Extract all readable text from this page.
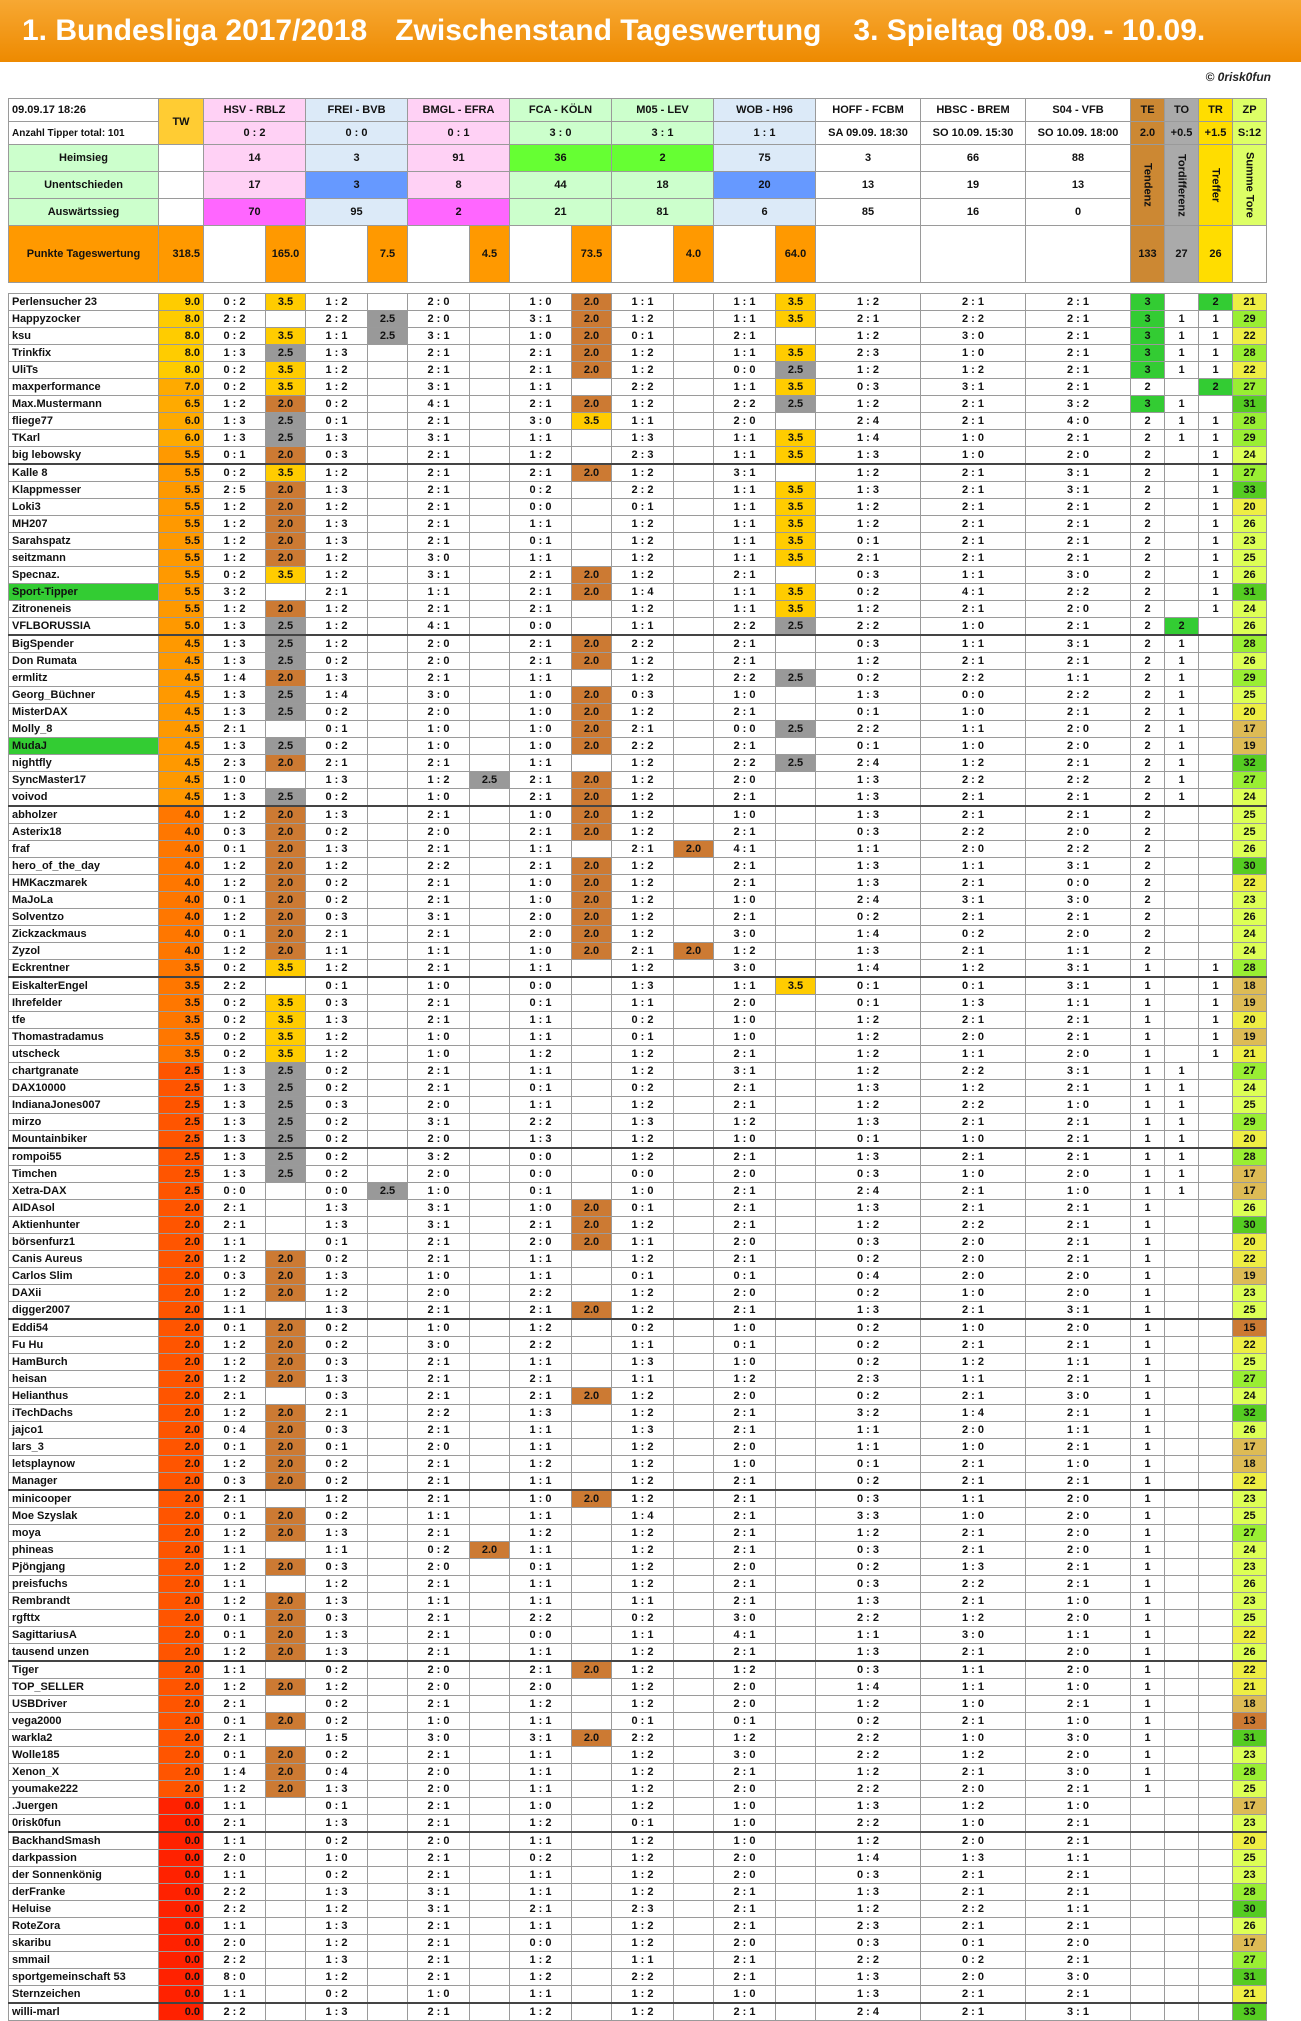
1. Bundesliga 2017/2018 Zwischenstand Tageswertung 3. Spieltag 08.09. - 10.09.
© 0risk0fun
09.09.17 18:26	TW	HSV - RBLZ		FREI - BVB		BMGL - EFRA		FCA - KÖLN		M05 - LEV		WOB - H96		HOFF - FCBM	HBSC - BREM	S04 - VFB	TE	TO	TR	ZP
Anzahl Tipper total: 101		0 : 2		0 : 0		0 : 1		3 : 0		3 : 1		1 : 1		SA 09.09. 18:30	SO 10.09. 15:30	SO 10.09. 18:00	2.0	+0.5	+1.5	S:12
Heimsieg		14		3		91		36		2		75		3	66	88	Tendenz	Tordifferenz	Treffer	Summe Tore
Unentschieden		17		3		8		44		18		20		13	19	13				
Auswärtssieg		70		95		2		21		81		6		85	16	0				
Punkte Tageswertung	318.5		165.0		7.5		4.5		73.5		4.0		64.0				133	27	26	

Perlensucher 23	9.0	0 : 2	3.5	1 : 2		2 : 0		1 : 0	2.0	1 : 1		1 : 1	3.5	1 : 2	2 : 1	2 : 1	3		2	21
Happyzocker	8.0	2 : 2		2 : 2	2.5	2 : 0		3 : 1	2.0	1 : 2		1 : 1	3.5	2 : 1	2 : 2	2 : 1	3	1	1	29
ksu	8.0	0 : 2	3.5	1 : 1	2.5	3 : 1		1 : 0	2.0	0 : 1		2 : 1		1 : 2	3 : 0	2 : 1	3	1	1	22
Trinkfix	8.0	1 : 3	2.5	1 : 3		2 : 1		2 : 1	2.0	1 : 2		1 : 1	3.5	2 : 3	1 : 0	2 : 1	3	1	1	28
UliTs	8.0	0 : 2	3.5	1 : 2		2 : 1		2 : 1	2.0	1 : 2		0 : 0	2.5	1 : 2	1 : 2	2 : 1	3	1	1	22
maxperformance	7.0	0 : 2	3.5	1 : 2		3 : 1		1 : 1		2 : 2		1 : 1	3.5	0 : 3	3 : 1	2 : 1	2		2	27
Max.Mustermann	6.5	1 : 2	2.0	0 : 2		4 : 1		2 : 1	2.0	1 : 2		2 : 2	2.5	1 : 2	2 : 1	3 : 2	3	1		31
fliege77	6.0	1 : 3	2.5	0 : 1		2 : 1		3 : 0	3.5	1 : 1		2 : 0		2 : 4	2 : 1	4 : 0	2	1	1	28
TKarl	6.0	1 : 3	2.5	1 : 3		3 : 1		1 : 1		1 : 3		1 : 1	3.5	1 : 4	1 : 0	2 : 1	2	1	1	29
big lebowsky	5.5	0 : 1	2.0	0 : 3		2 : 1		1 : 2		2 : 3		1 : 1	3.5	1 : 3	1 : 0	2 : 0	2		1	24
Kalle 8	5.5	0 : 2	3.5	1 : 2		2 : 1		2 : 1	2.0	1 : 2		3 : 1		1 : 2	2 : 1	3 : 1	2		1	27
Klappmesser	5.5	2 : 5	2.0	1 : 3		2 : 1		0 : 2		2 : 2		1 : 1	3.5	1 : 3	2 : 1	3 : 1	2		1	33
Loki3	5.5	1 : 2	2.0	1 : 2		2 : 1		0 : 0		0 : 1		1 : 1	3.5	1 : 2	2 : 1	2 : 1	2		1	20
MH207	5.5	1 : 2	2.0	1 : 3		2 : 1		1 : 1		1 : 2		1 : 1	3.5	1 : 2	2 : 1	2 : 1	2		1	26
Sarahspatz	5.5	1 : 2	2.0	1 : 3		2 : 1		0 : 1		1 : 2		1 : 1	3.5	0 : 1	2 : 1	2 : 1	2		1	23
seitzmann	5.5	1 : 2	2.0	1 : 2		3 : 0		1 : 1		1 : 2		1 : 1	3.5	2 : 1	2 : 1	2 : 1	2		1	25
Specnaz.	5.5	0 : 2	3.5	1 : 2		3 : 1		2 : 1	2.0	1 : 2		2 : 1		0 : 3	1 : 1	3 : 0	2		1	26
Sport-Tipper	5.5	3 : 2		2 : 1		1 : 1		2 : 1	2.0	1 : 4		1 : 1	3.5	0 : 2	4 : 1	2 : 2	2		1	31
Zitroneneis	5.5	1 : 2	2.0	1 : 2		2 : 1		2 : 1		1 : 2		1 : 1	3.5	1 : 2	2 : 1	2 : 0	2		1	24
VFLBORUSSIA	5.0	1 : 3	2.5	1 : 2		4 : 1		0 : 0		1 : 1		2 : 2	2.5	2 : 2	1 : 0	2 : 1	2	2		26
BigSpender	4.5	1 : 3	2.5	1 : 2		2 : 0		2 : 1	2.0	2 : 2		2 : 1		0 : 3	1 : 1	3 : 1	2	1		28
Don Rumata	4.5	1 : 3	2.5	0 : 2		2 : 0		2 : 1	2.0	1 : 2		2 : 1		1 : 2	2 : 1	2 : 1	2	1		26
ermlitz	4.5	1 : 4	2.0	1 : 3		2 : 1		1 : 1		1 : 2		2 : 2	2.5	0 : 2	2 : 2	1 : 1	2	1		29
Georg_Büchner	4.5	1 : 3	2.5	1 : 4		3 : 0		1 : 0	2.0	0 : 3		1 : 0		1 : 3	0 : 0	2 : 2	2	1		25
MisterDAX	4.5	1 : 3	2.5	0 : 2		2 : 0		1 : 0	2.0	1 : 2		2 : 1		0 : 1	1 : 0	2 : 1	2	1		20
Molly_8	4.5	2 : 1		0 : 1		1 : 0		1 : 0	2.0	2 : 1		0 : 0	2.5	2 : 2	1 : 1	2 : 0	2	1		17
MudaJ	4.5	1 : 3	2.5	0 : 2		1 : 0		1 : 0	2.0	2 : 2		2 : 1		0 : 1	1 : 0	2 : 0	2	1		19
nightfly	4.5	2 : 3	2.0	2 : 1		2 : 1		1 : 1		1 : 2		2 : 2	2.5	2 : 4	1 : 2	2 : 1	2	1		32
SyncMaster17	4.5	1 : 0		1 : 3		1 : 2	2.5	2 : 1	2.0	1 : 2		2 : 0		1 : 3	2 : 2	2 : 2	2	1		27
voivod	4.5	1 : 3	2.5	0 : 2		1 : 0		2 : 1	2.0	1 : 2		2 : 1		1 : 3	2 : 1	2 : 1	2	1		24
abholzer	4.0	1 : 2	2.0	1 : 3		2 : 1		1 : 0	2.0	1 : 2		1 : 0		1 : 3	2 : 1	2 : 1	2			25
Asterix18	4.0	0 : 3	2.0	0 : 2		2 : 0		2 : 1	2.0	1 : 2		2 : 1		0 : 3	2 : 2	2 : 0	2			25
fraf	4.0	0 : 1	2.0	1 : 3		2 : 1		1 : 1		2 : 1	2.0	4 : 1		1 : 1	2 : 0	2 : 2	2			26
hero_of_the_day	4.0	1 : 2	2.0	1 : 2		2 : 2		2 : 1	2.0	1 : 2		2 : 1		1 : 3	1 : 1	3 : 1	2			30
HMKaczmarek	4.0	1 : 2	2.0	0 : 2		2 : 1		1 : 0	2.0	1 : 2		2 : 1		1 : 3	2 : 1	0 : 0	2			22
MaJoLa	4.0	0 : 1	2.0	0 : 2		2 : 1		1 : 0	2.0	1 : 2		1 : 0		2 : 4	3 : 1	3 : 0	2			23
Solventzo	4.0	1 : 2	2.0	0 : 3		3 : 1		2 : 0	2.0	1 : 2		2 : 1		0 : 2	2 : 1	2 : 1	2			26
Zickzackmaus	4.0	0 : 1	2.0	2 : 1		2 : 1		2 : 0	2.0	1 : 2		3 : 0		1 : 4	0 : 2	2 : 0	2			24
Zyzol	4.0	1 : 2	2.0	1 : 1		1 : 1		1 : 0	2.0	2 : 1	2.0	1 : 2		1 : 3	2 : 1	1 : 1	2			24
Eckrentner	3.5	0 : 2	3.5	1 : 2		2 : 1		1 : 1		1 : 2		3 : 0		1 : 4	1 : 2	3 : 1	1		1	28
EiskalterEngel	3.5	2 : 2		0 : 1		1 : 0		0 : 0		1 : 3		1 : 1	3.5	0 : 1	0 : 1	3 : 1	1		1	18
Ihrefelder	3.5	0 : 2	3.5	0 : 3		2 : 1		0 : 1		1 : 1		2 : 0		0 : 1	1 : 3	1 : 1	1		1	19
tfe	3.5	0 : 2	3.5	1 : 3		2 : 1		1 : 1		0 : 2		1 : 0		1 : 2	2 : 1	2 : 1	1		1	20
Thomastradamus	3.5	0 : 2	3.5	1 : 2		1 : 0		1 : 1		0 : 1		1 : 0		1 : 2	2 : 0	2 : 1	1		1	19
utscheck	3.5	0 : 2	3.5	1 : 2		1 : 0		1 : 2		1 : 2		2 : 1		1 : 2	1 : 1	2 : 0	1		1	21
chartgranate	2.5	1 : 3	2.5	0 : 2		2 : 1		1 : 1		1 : 2		3 : 1		1 : 2	2 : 2	3 : 1	1	1		27
DAX10000	2.5	1 : 3	2.5	0 : 2		2 : 1		0 : 1		0 : 2		2 : 1		1 : 3	1 : 2	2 : 1	1	1		24
IndianaJones007	2.5	1 : 3	2.5	0 : 3		2 : 0		1 : 1		1 : 2		2 : 1		1 : 2	2 : 2	1 : 0	1	1		25
mirzo	2.5	1 : 3	2.5	0 : 2		3 : 1		2 : 2		1 : 3		1 : 2		1 : 3	2 : 1	2 : 1	1	1		29
Mountainbiker	2.5	1 : 3	2.5	0 : 2		2 : 0		1 : 3		1 : 2		1 : 0		0 : 1	1 : 0	2 : 1	1	1		20
rompoi55	2.5	1 : 3	2.5	0 : 2		3 : 2		0 : 0		1 : 2		2 : 1		1 : 3	2 : 1	2 : 1	1	1		28
Timchen	2.5	1 : 3	2.5	0 : 2		2 : 0		0 : 0		0 : 0		2 : 0		0 : 3	1 : 0	2 : 0	1	1		17
Xetra-DAX	2.5	0 : 0		0 : 0	2.5	1 : 0		0 : 1		1 : 0		2 : 1		2 : 4	2 : 1	1 : 0	1	1		17
AIDAsol	2.0	2 : 1		1 : 3		3 : 1		1 : 0	2.0	0 : 1		2 : 1		1 : 3	2 : 1	2 : 1	1			26
Aktienhunter	2.0	2 : 1		1 : 3		3 : 1		2 : 1	2.0	1 : 2		2 : 1		1 : 2	2 : 2	2 : 1	1			30
börsenfurz1	2.0	1 : 1		0 : 1		2 : 1		2 : 0	2.0	1 : 1		2 : 0		0 : 3	2 : 0	2 : 1	1			20
Canis Aureus	2.0	1 : 2	2.0	0 : 2		2 : 1		1 : 1		1 : 2		2 : 1		0 : 2	2 : 0	2 : 1	1			22
Carlos Slim	2.0	0 : 3	2.0	1 : 3		1 : 0		1 : 1		0 : 1		0 : 1		0 : 4	2 : 0	2 : 0	1			19
DAXii	2.0	1 : 2	2.0	1 : 2		2 : 0		2 : 2		1 : 2		2 : 0		0 : 2	1 : 0	2 : 0	1			23
digger2007	2.0	1 : 1		1 : 3		2 : 1		2 : 1	2.0	1 : 2		2 : 1		1 : 3	2 : 1	3 : 1	1			25
Eddi54	2.0	0 : 1	2.0	0 : 2		1 : 0		1 : 2		0 : 2		1 : 0		0 : 2	1 : 0	2 : 0	1			15
Fu Hu	2.0	1 : 2	2.0	0 : 2		3 : 0		2 : 2		1 : 1		0 : 1		0 : 2	2 : 1	2 : 1	1			22
HamBurch	2.0	1 : 2	2.0	0 : 3		2 : 1		1 : 1		1 : 3		1 : 0		0 : 2	1 : 2	1 : 1	1			25
heisan	2.0	1 : 2	2.0	1 : 3		2 : 1		2 : 1		1 : 1		1 : 2		2 : 3	1 : 1	2 : 1	1			27
Helianthus	2.0	2 : 1		0 : 3		2 : 1		2 : 1	2.0	1 : 2		2 : 0		0 : 2	2 : 1	3 : 0	1			24
iTechDachs	2.0	1 : 2	2.0	2 : 1		2 : 2		1 : 3		1 : 2		2 : 1		3 : 2	1 : 4	2 : 1	1			32
jajco1	2.0	0 : 4	2.0	0 : 3		2 : 1		1 : 1		1 : 3		2 : 1		1 : 1	2 : 0	1 : 1	1			26
lars_3	2.0	0 : 1	2.0	0 : 1		2 : 0		1 : 1		1 : 2		2 : 0		1 : 1	1 : 0	2 : 1	1			17
letsplaynow	2.0	1 : 2	2.0	0 : 2		2 : 1		1 : 2		1 : 2		1 : 0		0 : 1	2 : 1	1 : 0	1			18
Manager	2.0	0 : 3	2.0	0 : 2		2 : 1		1 : 1		1 : 2		2 : 1		0 : 2	2 : 1	2 : 1	1			22
minicooper	2.0	2 : 1		1 : 2		2 : 1		1 : 0	2.0	1 : 2		2 : 1		0 : 3	1 : 1	2 : 0	1			23
Moe Szyslak	2.0	0 : 1	2.0	0 : 2		1 : 1		1 : 1		1 : 4		2 : 1		3 : 3	1 : 0	2 : 0	1			25
moya	2.0	1 : 2	2.0	1 : 3		2 : 1		1 : 2		1 : 2		2 : 1		1 : 2	2 : 1	2 : 0	1			27
phineas	2.0	1 : 1		1 : 1		0 : 2	2.0	1 : 1		1 : 2		2 : 1		0 : 3	2 : 1	2 : 0	1			24
Pjöngjang	2.0	1 : 2	2.0	0 : 3		2 : 0		0 : 1		1 : 2		2 : 0		0 : 2	1 : 3	2 : 1	1			23
preisfuchs	2.0	1 : 1		1 : 2		2 : 1		1 : 1		1 : 2		2 : 1		0 : 3	2 : 2	2 : 1	1			26
Rembrandt	2.0	1 : 2	2.0	1 : 3		1 : 1		1 : 1		1 : 1		2 : 1		1 : 3	2 : 1	1 : 0	1			23
rgfttx	2.0	0 : 1	2.0	0 : 3		2 : 1		2 : 2		0 : 2		3 : 0		2 : 2	1 : 2	2 : 0	1			25
SagittariusA	2.0	0 : 1	2.0	1 : 3		2 : 1		0 : 0		1 : 1		4 : 1		1 : 1	3 : 0	1 : 1	1			22
tausend unzen	2.0	1 : 2	2.0	1 : 3		2 : 1		1 : 1		1 : 2		2 : 1		1 : 3	2 : 1	2 : 0	1			26
Tiger	2.0	1 : 1		0 : 2		2 : 0		2 : 1	2.0	1 : 2		1 : 2		0 : 3	1 : 1	2 : 0	1			22
TOP_SELLER	2.0	1 : 2	2.0	1 : 2		2 : 0		2 : 0		1 : 2		2 : 0		1 : 4	1 : 1	1 : 0	1			21
USBDriver	2.0	2 : 1		0 : 2		2 : 1		1 : 2		1 : 2		2 : 0		1 : 2	1 : 0	2 : 1	1			18
vega2000	2.0	0 : 1	2.0	0 : 2		1 : 0		1 : 1		0 : 1		0 : 1		0 : 2	2 : 1	1 : 0	1			13
warkla2	2.0	2 : 1		1 : 5		3 : 0		3 : 1	2.0	2 : 2		1 : 2		2 : 2	1 : 0	3 : 0	1			31
Wolle185	2.0	0 : 1	2.0	0 : 2		2 : 1		1 : 1		1 : 2		3 : 0		2 : 2	1 : 2	2 : 0	1			23
Xenon_X	2.0	1 : 4	2.0	0 : 4		2 : 0		1 : 1		1 : 2		2 : 1		1 : 2	2 : 1	3 : 0	1			28
youmake222	2.0	1 : 2	2.0	1 : 3		2 : 0		1 : 1		1 : 2		2 : 0		2 : 2	2 : 0	2 : 1	1			25
.Juergen	0.0	1 : 1		0 : 1		2 : 1		1 : 0		1 : 2		1 : 0		1 : 3	1 : 2	1 : 0				17
0risk0fun	0.0	2 : 1		1 : 3		2 : 1		1 : 2		0 : 1		1 : 0		2 : 2	1 : 0	2 : 1				23
BackhandSmash	0.0	1 : 1		0 : 2		2 : 0		1 : 1		1 : 2		1 : 0		1 : 2	2 : 0	2 : 1				20
darkpassion	0.0	2 : 0		1 : 0		2 : 1		0 : 2		1 : 2		2 : 0		1 : 4	1 : 3	1 : 1				25
der Sonnenkönig	0.0	1 : 1		0 : 2		2 : 1		1 : 1		1 : 2		2 : 0		0 : 3	2 : 1	2 : 1				23
derFranke	0.0	2 : 2		1 : 3		3 : 1		1 : 1		1 : 2		2 : 1		1 : 3	2 : 1	2 : 1				28
Heluise	0.0	2 : 2		1 : 2		3 : 1		2 : 1		2 : 3		2 : 1		1 : 2	2 : 2	1 : 1				30
RoteZora	0.0	1 : 1		1 : 3		2 : 1		1 : 1		1 : 2		2 : 1		2 : 3	2 : 1	2 : 1				26
skaribu	0.0	2 : 0		1 : 2		2 : 1		0 : 0		1 : 2		2 : 0		0 : 3	0 : 1	2 : 0				17
smmail	0.0	2 : 2		1 : 3		2 : 1		1 : 2		1 : 1		2 : 1		2 : 2	0 : 2	2 : 1				27
sportgemeinschaft 53	0.0	8 : 0		1 : 2		2 : 1		1 : 2		2 : 2		2 : 1		1 : 3	2 : 0	3 : 0				31
Sternzeichen	0.0	1 : 1		0 : 2		1 : 0		1 : 1		1 : 2		1 : 0		1 : 3	2 : 1	2 : 1				21
willi-marl	0.0	2 : 2		1 : 3		2 : 1		1 : 2		1 : 2		2 : 1		2 : 4	2 : 1	3 : 1				33
